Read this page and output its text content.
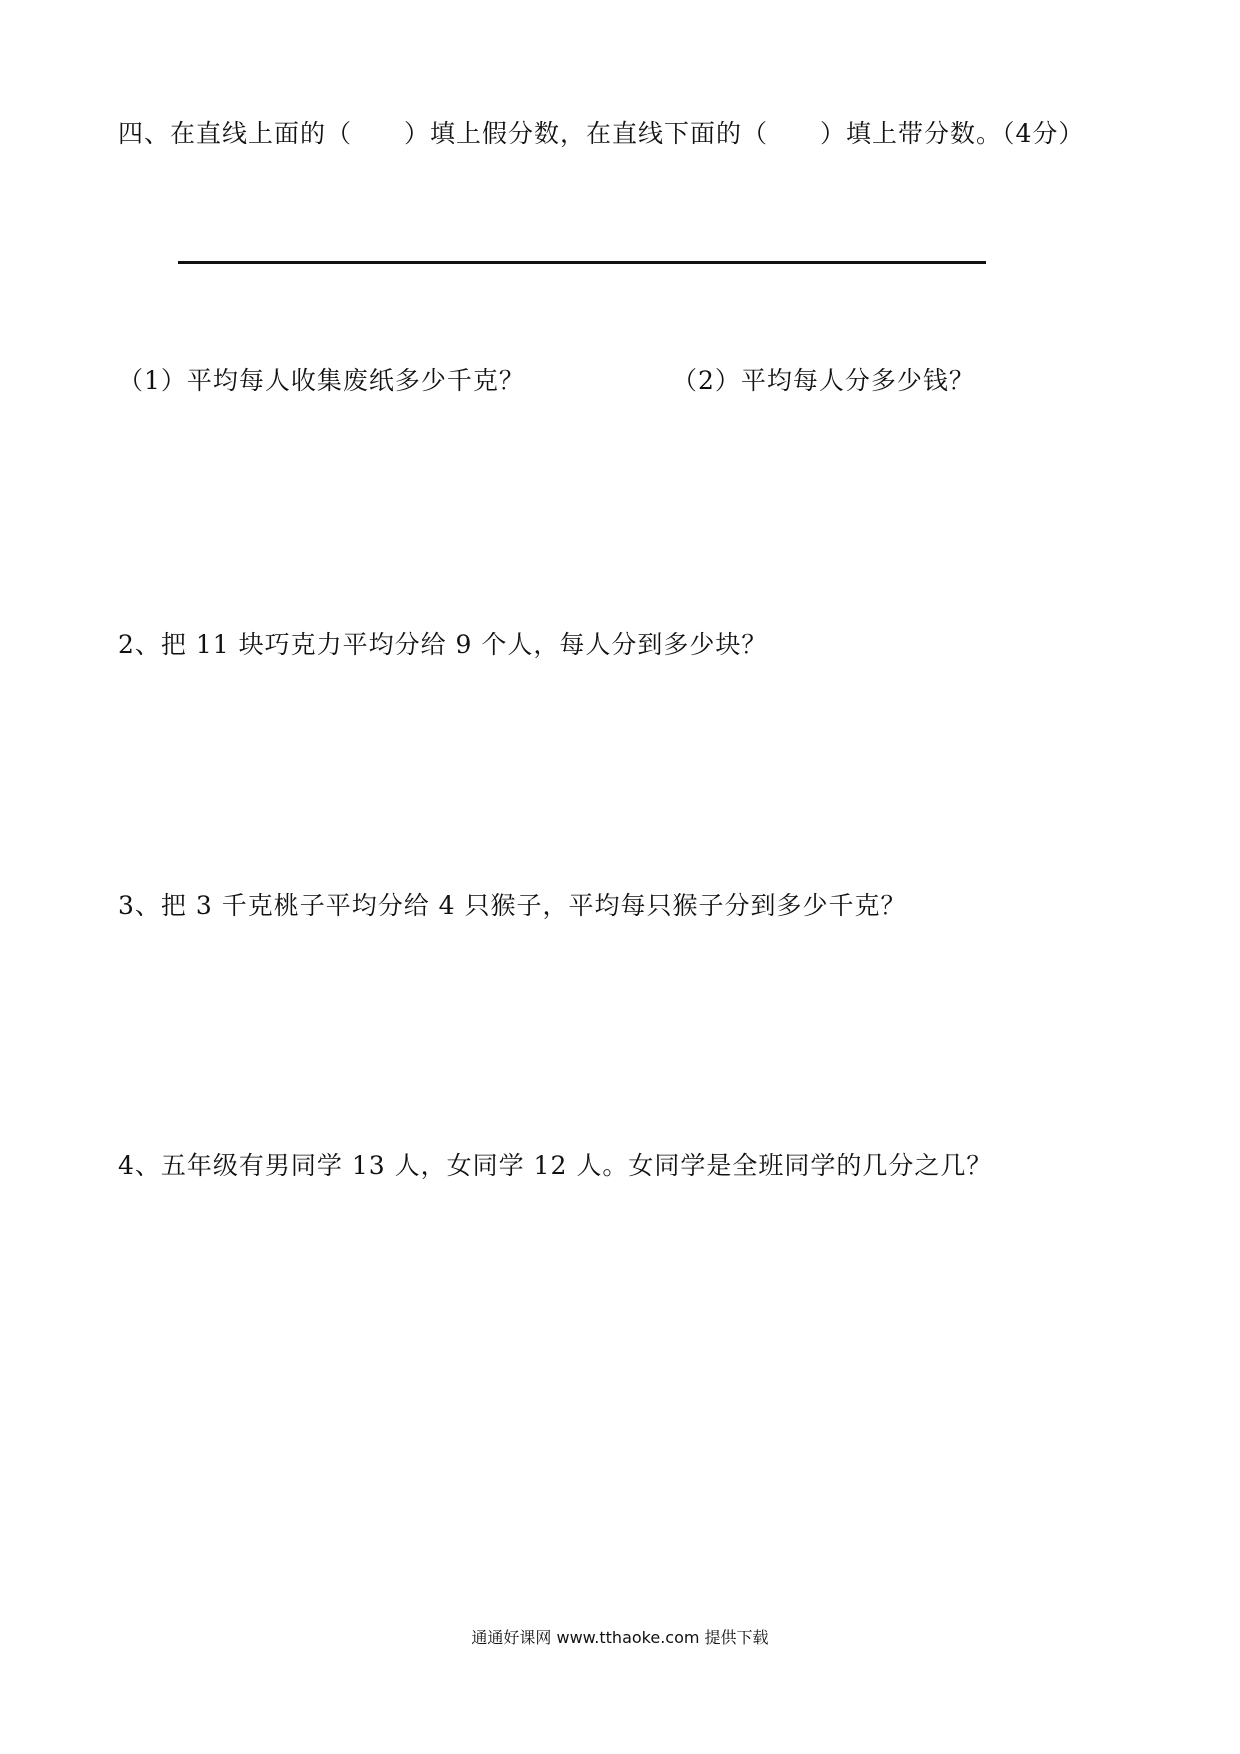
四、在直线上面的（　　）填上假分数，在直线下面的（　　）填上带分数。（4分）
（1）平均每人收集废纸多少千克？	（2）平均每人分多少钱？
2、把 11 块巧克力平均分给 9 个人，每人分到多少块？
3、把 3 千克桃子平均分给 4 只猴子，平均每只猴子分到多少千克？
4、五年级有男同学 13 人，女同学 12 人。女同学是全班同学的几分之几？
通通好课网 www.tthaoke.com 提供下载
